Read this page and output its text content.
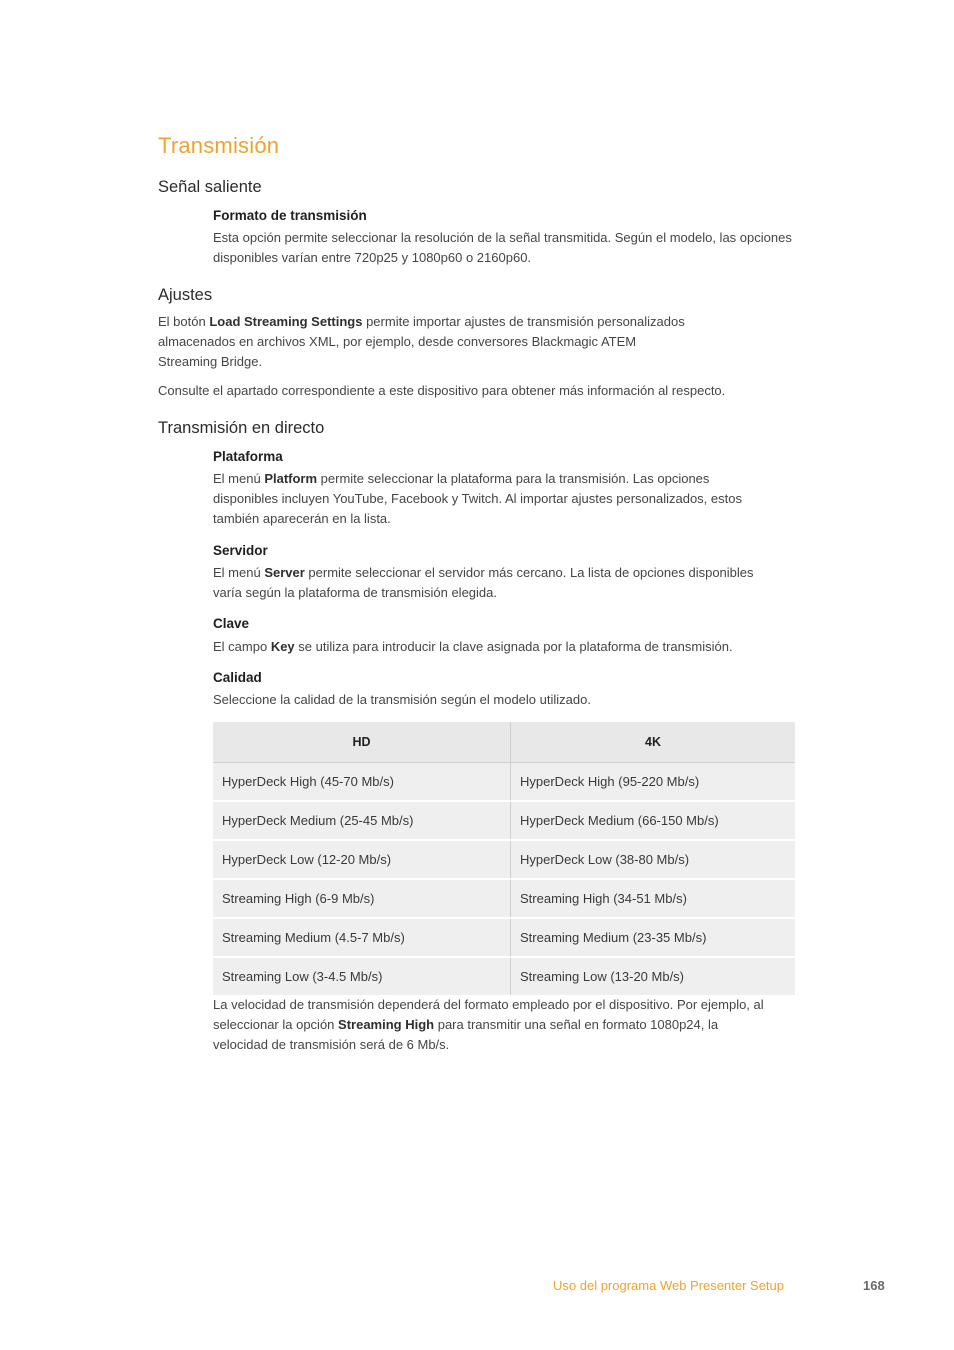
Transmisión
Señal saliente
Formato de transmisión
Esta opción permite seleccionar la resolución de la señal transmitida. Según el modelo, las opciones disponibles varían entre 720p25 y 1080p60 o 2160p60.
Ajustes
El botón Load Streaming Settings permite importar ajustes de transmisión personalizados almacenados en archivos XML, por ejemplo, desde conversores Blackmagic ATEM
Streaming Bridge.
Consulte el apartado correspondiente a este dispositivo para obtener más información al respecto.
Transmisión en directo
Plataforma
El menú Platform permite seleccionar la plataforma para la transmisión. Las opciones disponibles incluyen YouTube, Facebook y Twitch. Al importar ajustes personalizados, estos también aparecerán en la lista.
Servidor
El menú Server permite seleccionar el servidor más cercano. La lista de opciones disponibles varía según la plataforma de transmisión elegida.
Clave
El campo Key se utiliza para introducir la clave asignada por la plataforma de transmisión.
Calidad
Seleccione la calidad de la transmisión según el modelo utilizado.
HD	4K
HyperDeck High (45-70 Mb/s)	HyperDeck High (95-220 Mb/s)
HyperDeck Medium (25-45 Mb/s)	HyperDeck Medium (66-150 Mb/s)
HyperDeck Low (12-20 Mb/s)	HyperDeck Low (38-80 Mb/s)
Streaming High (6-9 Mb/s)	Streaming High (34-51 Mb/s)
Streaming Medium (4.5-7 Mb/s)	Streaming Medium (23-35 Mb/s)
Streaming Low (3-4.5 Mb/s)	Streaming Low (13-20 Mb/s)
La velocidad de transmisión dependerá del formato empleado por el dispositivo. Por ejemplo, al seleccionar la opción Streaming High para transmitir una señal en formato 1080p24, la velocidad de transmisión será de 6 Mb/s.
Uso del programa Web Presenter Setup	168
